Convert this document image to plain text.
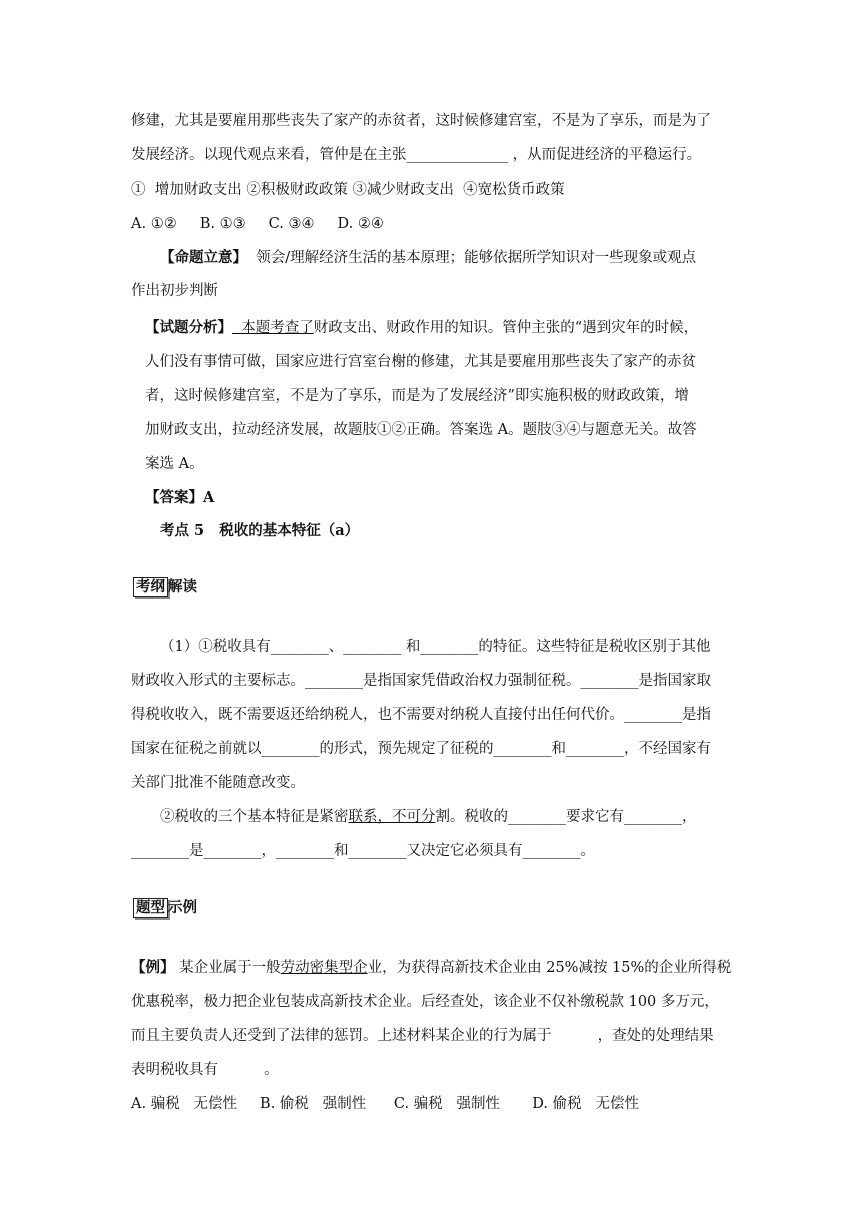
修建，尤其是要雇用那些丧失了家产的赤贫者，这时候修建宫室，不是为了享乐，而是为了
发展经济。以现代观点来看，管仲是在主张______________ ，从而促进经济的平稳运行。
①  增加财政支出 ②积极财政政策 ③减少财政支出  ④宽松货币政策
A. ①②     B. ①③     C. ③④     D. ②④
【命题立意】  领会/理解经济生活的基本原理；能够依据所学知识对一些现象或观点
作出初步判断
【试题分析】  本题考查了财政支出、财政作用的知识。管仲主张的“遇到灾年的时候，
人们没有事情可做，国家应进行宫室台榭的修建，尤其是要雇用那些丧失了家产的赤贫
者，这时候修建宫室，不是为了享乐，而是为了发展经济”即实施积极的财政政策，增
加财政支出，拉动经济发展，故题肢①②正确。答案选 A。题肢③④与题意无关。故答
案选 A。
【答案】A
考点 5   税收的基本特征（a）
考纲 解读
（1）①税收具有________、________ 和________的特征。这些特征是税收区别于其他
财政收入形式的主要标志。________是指国家凭借政治权力强制征税。________是指国家取
得税收收入，既不需要返还给纳税人，也不需要对纳税人直接付出任何代价。________是指
国家在征税之前就以________的形式，预先规定了征税的________和________，不经国家有
关部门批准不能随意改变。
②税收的三个基本特征是紧密联系，不可分割。税收的________要求它有________，
________是________，________和________又决定它必须具有________。
题型 示例
【例】 某企业属于一般劳动密集型企业，为获得高新技术企业由 25%减按 15%的企业所得税
优惠税率，极力把企业包装成高新技术企业。后经查处，该企业不仅补缴税款 100 多万元，
而且主要负责人还受到了法律的惩罚。上述材料某企业的行为属于          ，查处的处理结果
表明税收具有          。
A. 骗税   无偿性     B. 偷税   强制性      C. 骗税   强制性       D. 偷税   无偿性
